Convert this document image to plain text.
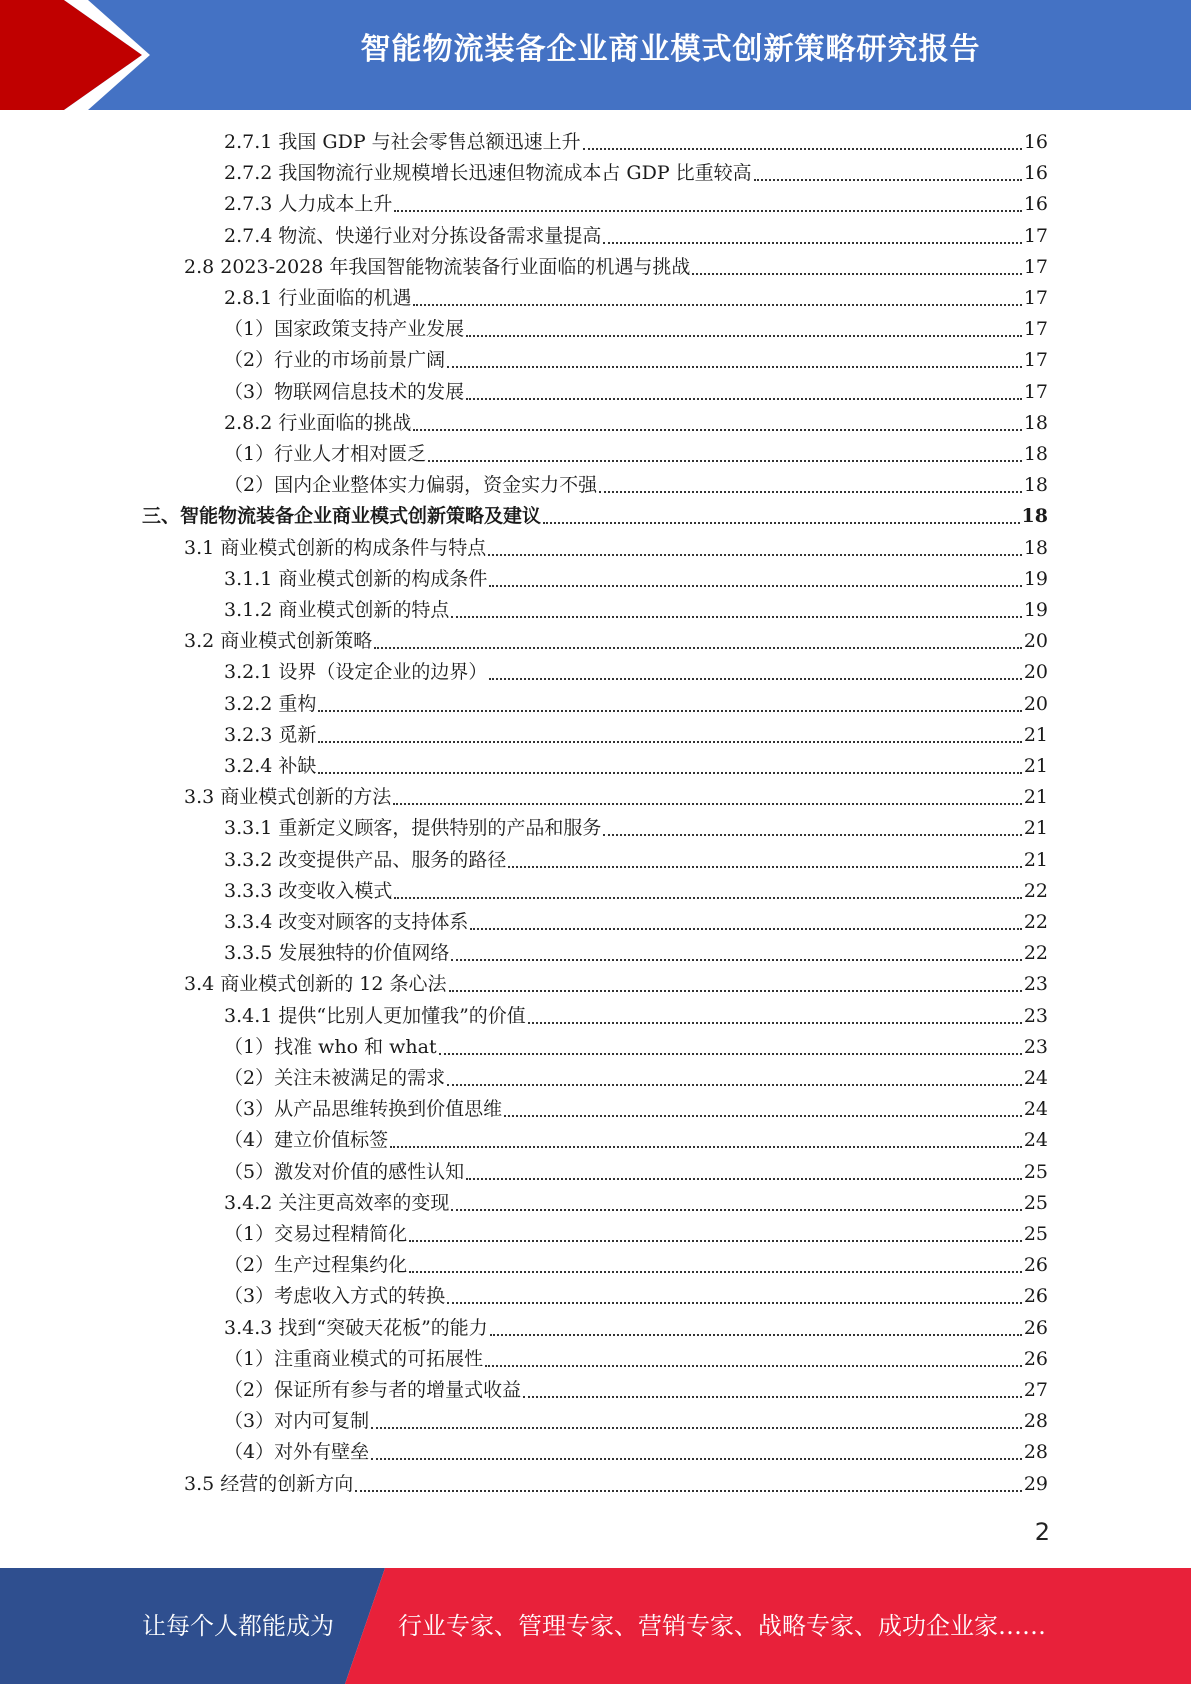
智能物流装备企业商业模式创新策略研究报告
2.7.1 我国 GDP 与社会零售总额迅速上升	16
2.7.2 我国物流行业规模增长迅速但物流成本占 GDP 比重较高	16
2.7.3 人力成本上升	16
2.7.4 物流、快递行业对分拣设备需求量提高	17
2.8 2023-2028 年我国智能物流装备行业面临的机遇与挑战	17
2.8.1 行业面临的机遇	17
（1）国家政策支持产业发展	17
（2）行业的市场前景广阔	17
（3）物联网信息技术的发展	17
2.8.2 行业面临的挑战	18
（1）行业人才相对匮乏	18
（2）国内企业整体实力偏弱，资金实力不强	18
三、智能物流装备企业商业模式创新策略及建议	18
3.1 商业模式创新的构成条件与特点	18
3.1.1 商业模式创新的构成条件	19
3.1.2 商业模式创新的特点	19
3.2 商业模式创新策略	20
3.2.1 设界（设定企业的边界）	20
3.2.2 重构	20
3.2.3 觅新	21
3.2.4 补缺	21
3.3 商业模式创新的方法	21
3.3.1 重新定义顾客，提供特别的产品和服务	21
3.3.2 改变提供产品、服务的路径	21
3.3.3 改变收入模式	22
3.3.4 改变对顾客的支持体系	22
3.3.5 发展独特的价值网络	22
3.4 商业模式创新的 12 条心法	23
3.4.1 提供“比别人更加懂我”的价值	23
（1）找准 who 和 what	23
（2）关注未被满足的需求	24
（3）从产品思维转换到价值思维	24
（4）建立价值标签	24
（5）激发对价值的感性认知	25
3.4.2 关注更高效率的变现	25
（1）交易过程精简化	25
（2）生产过程集约化	26
（3）考虑收入方式的转换	26
3.4.3 找到“突破天花板”的能力	26
（1）注重商业模式的可拓展性	26
（2）保证所有参与者的增量式收益	27
（3）对内可复制	28
（4）对外有壁垒	28
3.5 经营的创新方向	29
2
让每个人都能成为	行业专家、管理专家、营销专家、战略专家、成功企业家……
